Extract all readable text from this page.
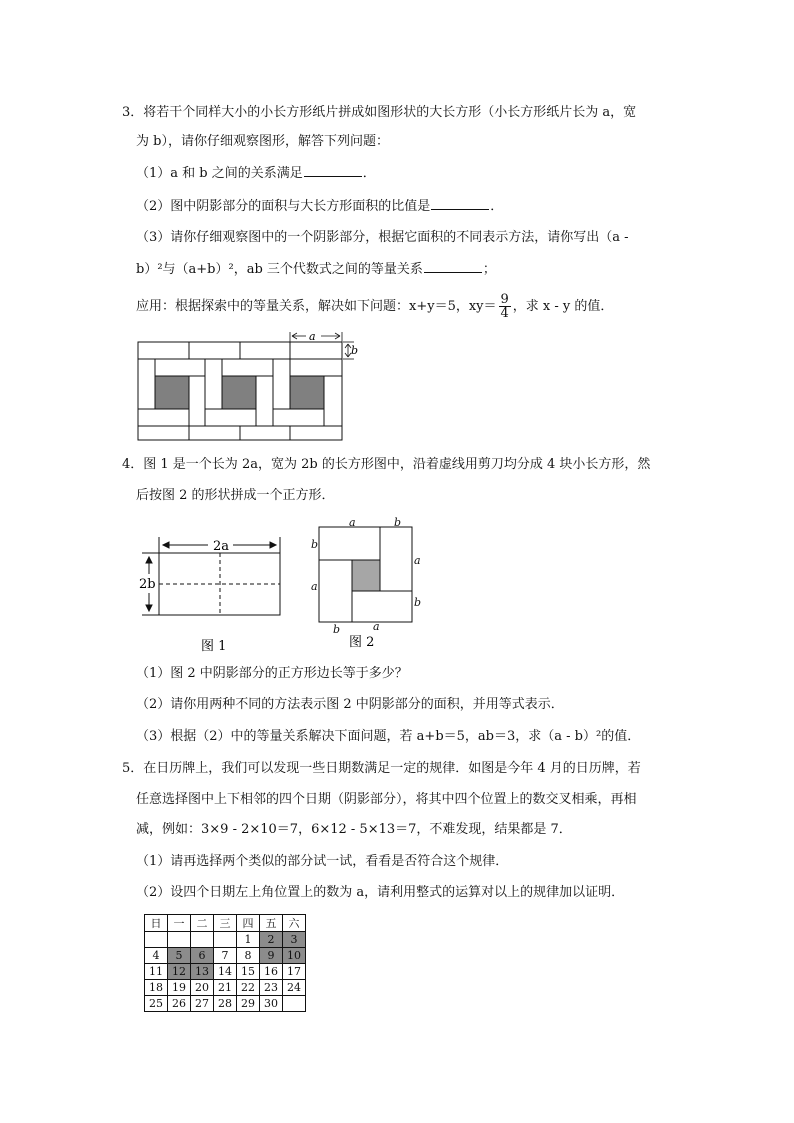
3．将若干个同样大小的小长方形纸片拼成如图形状的大长方形（小长方形纸片长为 a，宽
为 b），请你仔细观察图形，解答下列问题：
（1）a 和 b 之间的关系满足	．
（2）图中阴影部分的面积与大长方形面积的比值是	．
（3）请你仔细观察图中的一个阴影部分，根据它面积的不同表示方法，请你写出（a -
b）²与（a+b）²，ab 三个代数式之间的等量关系	；
应用：根据探索中的等量关系，解决如下问题：x+y＝5，$xy= \frac{9}{4}$ ，求 x - y 的值．
a
b
4．图 1 是一个长为 2a，宽为 2b 的长方形图中，沿着虚线用剪刀均分成 4 块小长方形，然
后按图 2 的形状拼成一个正方形．
2a
2b
图 1
a	b
b
a
a
b
b	a
图 2
（1）图 2 中阴影部分的正方形边长等于多少？
（2）请你用两种不同的方法表示图 2 中阴影部分的面积，并用等式表示．
（3）根据（2）中的等量关系解决下面问题，若 a+b＝5，ab＝3，求（a - b）²的值．
5．在日历牌上，我们可以发现一些日期数满足一定的规律．如图是今年 4 月的日历牌，若
任意选择图中上下相邻的四个日期（阴影部分），将其中四个位置上的数交叉相乘，再相
减，例如：3×9 - 2×10＝7，6×12 - 5×13＝7，不难发现，结果都是 7．
（1）请再选择两个类似的部分试一试，看看是否符合这个规律．
（2）设四个日期左上角位置上的数为 a，请利用整式的运算对以上的规律加以证明．
日	一	二	三	四	五	六
				1	2	3
4	5	6	7	8	9	10
11	12	13	14	15	16	17
18	19	20	21	22	23	24
25	26	27	28	29	30	
